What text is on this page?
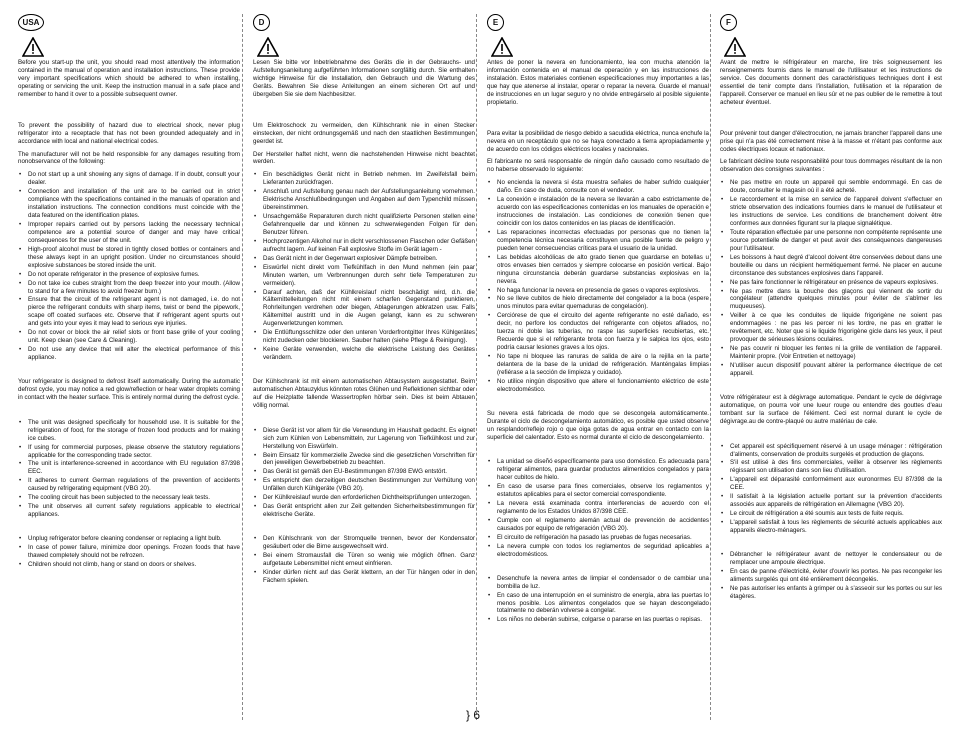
USA

Before you start-up the unit, you should read most attentively the information contained in the manual of operation and installation instructions. These provide very important specifications which should be adhered to when installing, operating or servicing the unit. Keep the instruction manual in a safe place and remember to hand it over to a possible subsequent owner.

To prevent the possibility of hazard due to electrical shock, never plug refrigerator into a receptacle that has not been grounded adequately and in accordance with local and national electrical codes.

The manufacturer will not be held responsible for any damages resulting from nonobservance of the following:

• Do not start up a unit showing any signs of damage. If in doubt, consult your dealer.
• Connection and installation of the unit are to be carried out in strict compliance with the specifications contained in the manuals of operation and installation instructions. The connection conditions must coincide with the data featured on the identification plates.
• Improper repairs carried out by persons lacking the necessary technical competence are a potential source of danger and may have critical consequences for the user of the unit.
• High-proof alcohol must be stored in tightly closed bottles or containers and these always kept in an upright position. Under no circumstances should explosive substances be stored inside the unit.
• Do not operate refrigerator in the presence of explosive fumes.
• Do not take ice cubes straight from the deep freezer into your mouth. (Allow to stand for a few minutes to avoid freezer burn.)
• Ensure that the circuit of the refrigerant agent is not damaged, i.e. do not pierce the refrigerant conduits with sharp items, twist or bend the pipework, scape off coated surfaces etc. Observe that if refrigerant agent spurts out and gets into your eyes it may lead to serious eye injuries.
• Do not cover or block the air relief slots or front base grille of your cooling unit. Keep clean (see Care & Cleaning).
• Do not use any device that will alter the electrical performance of this appliance.

Your refrigerator is designed to defrost itself automatically. During the automatic defrost cycle, you may notice a red glow/reflection or hear water droplets coming in contact with the heater surface. This is entirely normal during the defrost cycle.

• The unit was designed specifically for household use. It is suitable for the refrigeration of food, for the storage of frozen food products and for making ice cubes.
• If using for commercial purposes, please observe the statutory regulations applicable for the corresponding trade sector.
• The unit is interference-screened in accordance with EU regulation 87/398 EEC.
• It adheres to current German regulations of the prevention of accidents caused by refrigerating equipment (VBG 20).
• The cooling circuit has been subjected to the necessary leak tests.
• The unit observes all current safety regulations applicable to electrical appliances.
• Unplug refrigerator before cleaning condenser or replacing a light bulb.
• In case of power failure, minimize door openings. Frozen foods that have thawed completely should not be refrozen.
• Children should not climb, hang or stand on doors or shelves.
D

Lesen Sie bitte vor Inbetriebnahme des Geräts die in der Gebrauchs- und Aufstellungsanleitung aufgeführten Informationen sorgfältig durch. Sie enthalten wichtige Hinweise für die Installation, den Gebrauch und die Wartung des Geräts. Bewahren Sie diese Anleitungen an einem sicheren Ort auf und übergeben Sie sie dem Nachbesitzer.

Um Elektroschock zu vermeiden, den Kühlschrank nie in einen Stecker einstecken, der nicht ordnungsgemäß und nach den staatlichen Bestimmungen geerdet ist.

Der Hersteller haftet nicht, wenn die nachstehenden Hinweise nicht beachtet werden.

• Ein beschädigtes Gerät nicht in Betrieb nehmen. Im Zweifelsfall beim Lieferanten zurückfragen.
• Anschluß und Aufstellung genau nach der Aufstellungsanleitung vornehmen. Elektrische Anschlußbedingungen und Angaben auf dem Typenchild müssen übereinstimmen.
• Unsachgemäße Reparaturen durch nicht qualifizierte Personen stellen eine Gefahrenquelle dar und können zu schwerwiegenden Folgen für den Benutzer führen.
• Hochprozentigen Alkohol nur in dicht verschlossenen Flaschen oder Gefäßen aufrecht lagern. Auf keinen Fall explosive Stoffe im Gerät lagern -
• Das Gerät nicht in der Gegenwart explosiver Dämpfe betreiben.
• Eiswürfel nicht direkt vom Tiefkühlfach in den Mund nehmen (ein paar Minuten warten, um Verbrennungen durch sehr tiefe Temperaturen zu vermeiden).
• Darauf achten, daß der Kühlkreislauf nicht beschädigt wird, d.h. die Kältemittelleitungen nicht mit einem scharfen Gegenstand punktieren, Rohrleitungen verdrehen oder biegen, Ablagerungen abkratzen usw. Falls Kältemittel austritt und in die Augen gelangt, kann es zu schweren Augenverletzungen kommen.
• Die Entlüftungsschlitze oder den unteren Vorderfrontgitter Ihres Kühlgerätes nicht zudecken oder blockieren. Sauber halten (siehe Pflege & Reinigung).
• Keine Geräte verwenden, welche die elektrische Leistung des Gerätes verändern.

Der Kühlschrank ist mit einem automatischen Abtausystem ausgestattet. Beim automatischen Abtauzyklus könnten rotes Glühen und Reflektionen sichtbar oder auf die Heizplatte fallende Wassertropfen hörbar sein. Dies ist beim Abtauen völlig normal.

• Diese Gerät ist vor allem für die Verwendung im Haushalt gedacht. Es eignet sich zum Kühlen von Lebensmitteln, zur Lagerung von Tiefkühlkost und zur Herstellung von Eiswürfeln.
• Beim Einsatz für kommerzielle Zwecke sind die gesetzlichen Vorschriften für den jeweiligen Gewerbebetrieb zu beachten.
• Das Gerät ist gemäß den EU-Bestimmungen 87/398 EWG entstört.
• Es entspricht den derzeitigen deutschen Bestimmungen zur Verhütung von Unfällen durch Kühlgeräte (VBG 20).
• Der Kühlkreislauf wurde den erforderlichen Dichtheitsprüfungen unterzogen.
• Das Gerät entspricht allen zur Zeit geltenden Sicherheitsbestimmungen für elektrische Geräte.
• Den Kühlschrank von der Stromquelle trennen, bevor der Kondensator gesäubert oder die Birne ausgewechselt wird.
• Bei einem Stromausfall die Türen so wenig wie möglich öffnen. Ganz aufgetaute Lebensmittel nicht erneut einfrieren.
• Kinder dürfen nicht auf das Gerät klettern, an der Tür hängen oder in den Fächern spielen.
E

Antes de poner la nevera en funcionamiento, lea con mucha atención la información contenida en el manual de operación y en las instrucciones de instalación. Estos materiales contienen especificaciones muy importantes a las que hay que atenerse al instalar, operar o reparar la nevera. Guarde el manual de instrucciones en un lugar seguro y no olvide entregárselo al posible siguiente propietario.

Para evitar la posibilidad de riesgo debido a sacudida eléctrica, nunca enchufe la nevera en un receptáculo que no se haya conectado a tierra apropiadamente y de acuerdo con los códigos eléctricos locales y nacionales.

El fabricante no será responsable de ningún daño causado como resultado de no haberse observado lo siguiente:

• No encienda la nevera si ésta muestra señales de haber sufrido cualquier daño. En caso de duda, consulte con el vendedor.
• La conexión e instalación de la nevera se llevarán a cabo estrictamente de acuerdo con las especificaciones contenidas en los manuales de operación e instrucciones de instalación. Las condiciones de conexión tienen que coincidir con los datos contenidos en las placas de identificación.
• Las reparaciones incorrectas efectuadas por personas que no tienen la competencia técnica necesaria constituyen una posible fuente de peligro y pueden tener consecuencias críticas para el usuario de la unidad.
• Las bebidas alcohólicas de alto grado tienen que guardarse en botellas u otros envases bien cerrados y siempre colocarse en posición vertical. Bajo ninguna circunstancia deberán guardarse substancias explosivas en la nevera.
• No haga funcionar la nevera en presencia de gases o vapores explosivos.
• No se lleve cubitos de hielo directamente del congelador a la boca (espere unos minutos para evitar quemaduras de congelación).
• Cerciórese de que el circuito del agente refrigerante no esté dañado, es decir, no perfore los conductos del refrigerante con objetos afilados, no tuerza ni doble las tuberías, no raspe las superficies recubiertas, etc. Recuerde que si el refrigerante brota con fuerza y le salpica los ojos, esto podría causar lesiones graves a los ojos.
• No tape ni bloquee las ranuras de salida de aire o la rejilla en la parte delantera de la base de la unidad de refrigeración. Manténgalas limpias (refiérase a la sección de limpieza y cuidado).
• No utilice ningún dispositivo que altere el funcionamiento eléctrico de este electrodoméstico.

Su nevera está fabricada de modo que se descongela automáticamente. Durante el ciclo de descongelamiento automático, es posible que usted observe un resplandor/reflejo rojo o que oiga gotas de agua entrar en contacto con la superficie del calentador. Esto es normal durante el ciclo de descongelamiento.

• La unidad se diseñó específicamente para uso doméstico. Es adecuada para refrigerar alimentos, para guardar productos alimenticios congelados y para hacer cubitos de hielo.
• En caso de usarse para fines comerciales, observe los reglamentos y estatutos aplicables para el sector comercial correspondiente.
• La nevera está examinada contra interferencias de acuerdo con el reglamento de los Estados Unidos 87/398 CEE.
• Cumple con el reglamento alemán actual de prevención de accidentes causados por equipo de refrigeración (VBG 20).
• El circuito de refrigeración ha pasado las pruebas de fugas necesarias.
• La nevera cumple con todos los reglamentos de seguridad aplicables a electrodomésticos.
• Desenchufe la nevera antes de limpiar el condensador o de cambiar una bombilla de luz.
• En caso de una interrupción en el suministro de energía, abra las puertas lo menos posible. Los alimentos congelados que se hayan descongelado totalmente no deberán volverse a congelar.
• Los niños no deberán subirse, colgarse o pararse en las puertas o repisas.
F

Avant de mettre le réfrigérateur en marche, lire très soigneusement les renseignements fournis dans le manuel de l'utilisateur et les instructions de service. Ces documents donnent des caractéristiques techniques dont il est essentiel de tenir compte dans l'installation, l'utilisation et la réparation de l'appareil. Conserver ce manuel en lieu sûr et ne pas oublier de le remettre à tout acheteur éventuel.

Pour prévenir tout danger d'électrocution, ne jamais brancher l'appareil dans une prise qui n'a pas été correctement mise à la masse et n'étant pas conforme aux codes électriques locaux et nationaux.

Le fabricant décline toute responsabilité pour tous dommages résultant de la non observation des consignes suivantes :

• Ne pas mettre en route un appareil qui semble endommagé. En cas de doute, consulter le magasin où il a été acheté.
• Le raccordement et la mise en service de l'appareil doivent s'effectuer en stricte observation des indications fournies dans le manuel de l'utilisateur et les instructions de service. Les conditions de branchement doivent être conformes aux données figurant sur la plaque signalétique.
• Toute réparation effectuée par une personne non compétente représente une source potentielle de danger et peut avoir des conséquences dangereuses pour l'utilisateur.
• Les boissons à haut degré d'alcool doivent être conservées debout dans une bouteille ou dans un récipient hermétiquement fermé. Ne placer en aucune circonstance des substances explosives dans l'appareil.
• Ne pas faire fonctionner le réfrigérateur en présence de vapeurs explosives.
• Ne pas mettre dans la bouche des glaçons qui viennent de sortir du congélateur (attendre quelques minutes pour éviter de s'abîmer les muqueuses).
• Veiller à ce que les conduites de liquide frigorigène ne soient pas endommagées : ne pas les percer ni les tordre, ne pas en gratter le revêtement, etc. Noter que si le liquide frigorigène gicle dans les yeux, il peut provoquer de sérieuses lésions oculaires.
• Ne pas couvrir ni bloquer les fentes ni la grille de ventilation de l'appareil. Maintenir propre. (Voir Entretien et nettoyage)
• N'utiliser aucun dispositif pouvant altérer la performance électrique de cet appareil.

Votre réfrigérateur est à dégivrage automatique. Pendant le cycle de dégivrage automatique, on pourra voir une lueur rouge ou entendre des gouttes d'eau tombant sur la surface de l'élément. Ceci est normal durant le cycle de dégivrage.au de contre-plaqué ou autre matériau de cale.

• Cet appareil est spécifiquement réservé à un usage ménager : réfrigération d'aliments, conservation de produits surgelés et production de glaçons.
• S'il est utilisé à des fins commerciales, veiller à observer les règlements régissant son utilisation dans son lieu d'utilisation.
• L'appareil est déparasité conformément aux euronormes EU 87/398 de la CEE.
• Il satisfait à la législation actuelle portant sur la prévention d'accidents associés aux appareils de réfrigération en Allemagne (VBG 20).
• Le circuit de réfrigération a été soumis aux tests de fuite requis.
• L'appareil satisfait à tous les règlements de sécurité actuels applicables aux appareils électro-ménagers.
• Débrancher le réfrigérateur avant de nettoyer le condensateur ou de remplacer une ampoule électrique.
• En cas de panne d'électricité, éviter d'ouvrir les portes. Ne pas recongeler les aliments surgelés qui ont été entièrement décongelés.
• Ne pas autoriser les enfants à grimper ou à s'asseoir sur les portes ou sur les étagères.
} 6
